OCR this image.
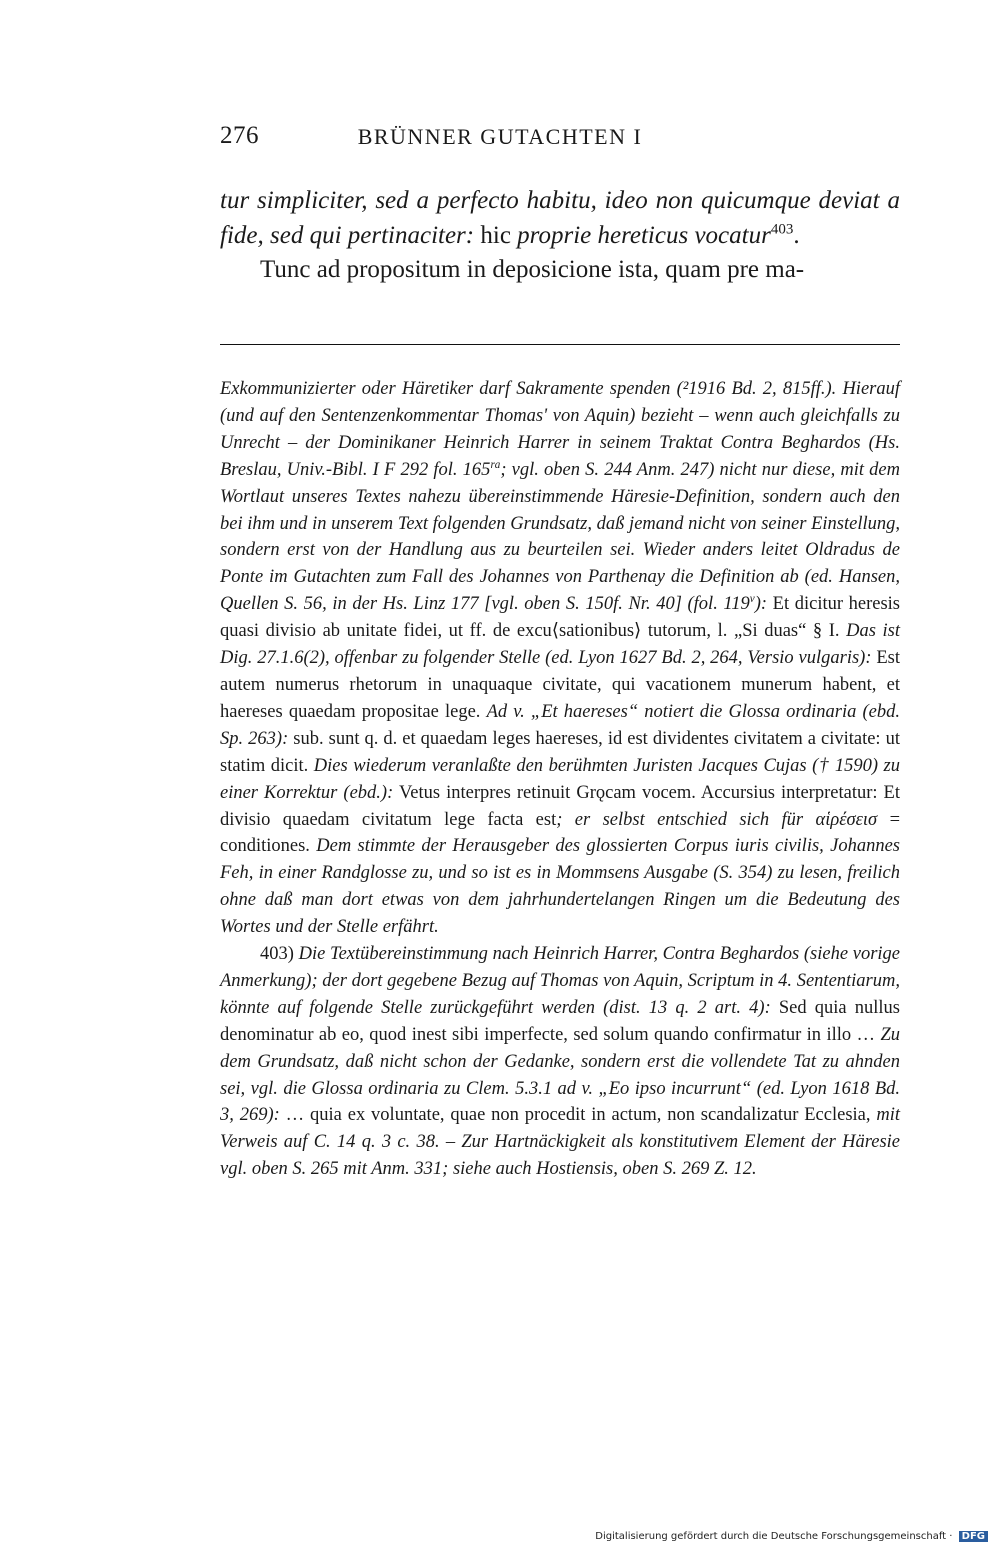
276	BRÜNNER GUTACHTEN I

tur simpliciter, sed a perfecto habitu, ideo non quicumque deviat a fide, sed qui pertinaciter: hic proprie hereticus vocatur$^{403}$.

Tunc ad propositum in deposicione ista, quam pre ma-

Exkommunizierter oder Häretiker darf Sakramente spenden (²1916 Bd. 2, 815ff.). Hierauf (und auf den Sentenzenkommentar Thomas' von Aquin) bezieht – wenn auch gleichfalls zu Unrecht – der Dominikaner Heinrich Harrer in seinem Traktat Contra Beghardos (Hs. Breslau, Univ.-Bibl. I F 292 fol. $165^{ra}$; vgl. oben S. 244 Anm. 247) nicht nur diese, mit dem Wortlaut unseres Textes nahezu übereinstimmende Häresie-Definition, sondern auch den bei ihm und in unserem Text folgenden Grundsatz, daß jemand nicht von seiner Einstellung, sondern erst von der Handlung aus zu beurteilen sei. Wieder anders leitet Oldradus de Ponte im Gutachten zum Fall des Johannes von Parthenay die Definition ab (ed. Hansen, Quellen S. 56, in der Hs. Linz 177 [vgl. oben S. 150f. Nr. 40] (fol. 119$^v$): Et dicitur heresis quasi divisio ab unitate fidei, ut ff. de excu⟨sationibus⟩ tutorum, l. „Si duas“ § I. Das ist Dig. 27.1.6(2), offenbar zu folgender Stelle (ed. Lyon 1627 Bd. 2, 264, Versio vulgaris): Est autem numerus rhetorum in unaquaque civitate, qui vacationem munerum habent, et haereses quaedam propositae lege. Ad v. „Et haereses“ notiert die Glossa ordinaria (ebd. Sp. 263): sub. sunt q. d. et quaedam leges haereses, id est dividentes civitatem a civitate: ut statim dicit. Dies wiederum veranlaßte den berühmten Juristen Jacques Cujas († 1590) zu einer Korrektur (ebd.): Vetus interpres retinuit Grǫcam vocem. Accursius interpretatur: Et divisio quaedam civitatum lege facta est; er selbst entschied sich für αἱρέσεισ = conditiones. Dem stimmte der Herausgeber des glossierten Corpus iuris civilis, Johannes Feh, in einer Randglosse zu, und so ist es in Mommsens Ausgabe (S. 354) zu lesen, freilich ohne daß man dort etwas von dem jahrhundertelangen Ringen um die Bedeutung des Wortes und der Stelle erfährt.

403) Die Textübereinstimmung nach Heinrich Harrer, Contra Beghardos (siehe vorige Anmerkung); der dort gegebene Bezug auf Thomas von Aquin, Scriptum in 4. Sententiarum, könnte auf folgende Stelle zurückgeführt werden (dist. 13 q. 2 art. 4): Sed quia nullus denominatur ab eo, quod inest sibi imperfecte, sed solum quando confirmatur in illo … Zu dem Grundsatz, daß nicht schon der Gedanke, sondern erst die vollendete Tat zu ahnden sei, vgl. die Glossa ordinaria zu Clem. 5.3.1 ad v. „Eo ipso incurrunt“ (ed. Lyon 1618 Bd. 3, 269): … quia ex voluntate, quae non procedit in actum, non scandalizatur Ecclesia, mit Verweis auf C. 14 q. 3 c. 38. – Zur Hartnäckigkeit als konstitutivem Element der Häresie vgl. oben S. 265 mit Anm. 331; siehe auch Hostiensis, oben S. 269 Z. 12.

Digitalisierung gefördert durch die Deutsche Forschungsgemeinschaft · DFG
